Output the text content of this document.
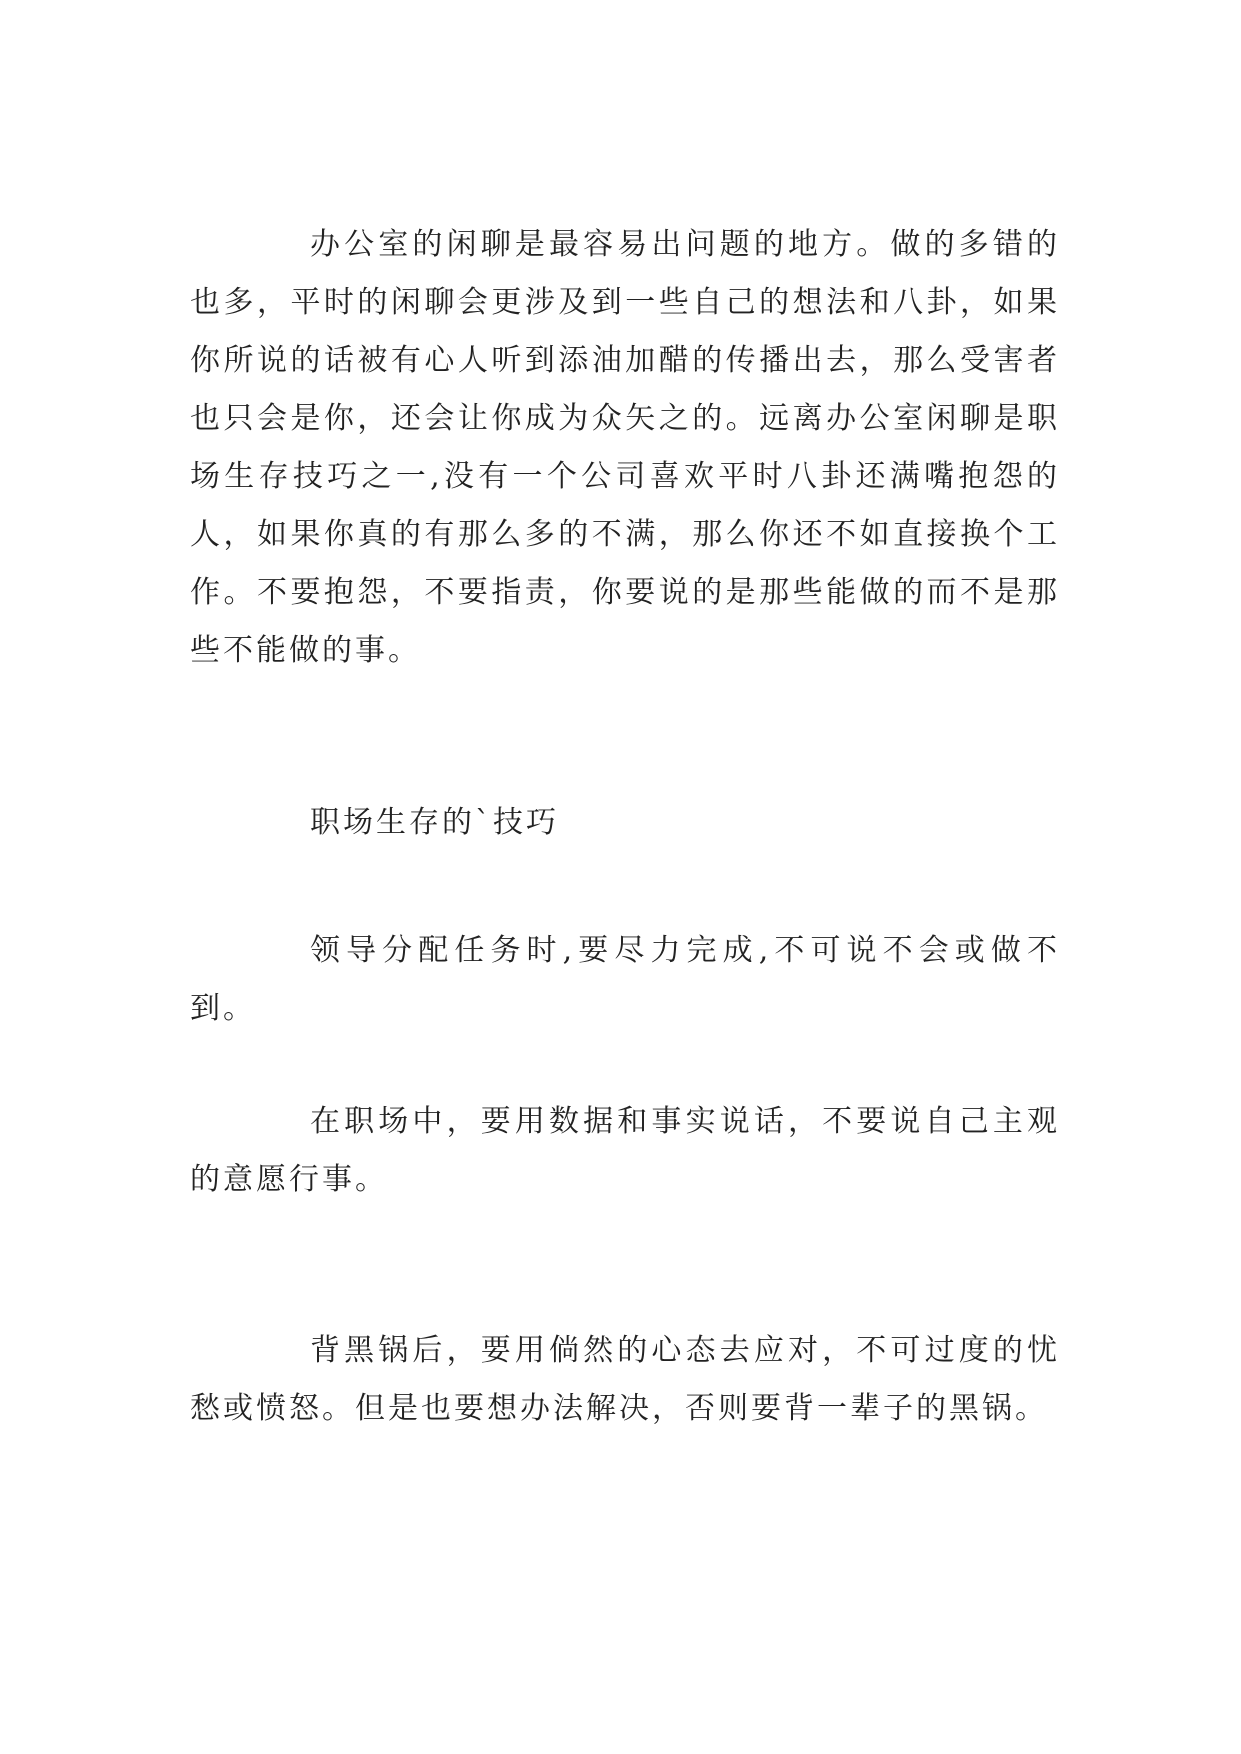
办公室的闲聊是最容易出问题的地方。做的多错的也多，平时的闲聊会更涉及到一些自己的想法和八卦，如果你所说的话被有心人听到添油加醋的传播出去，那么受害者也只会是你，还会让你成为众矢之的。远离办公室闲聊是职场生存技巧之一,没有一个公司喜欢平时八卦还满嘴抱怨的人，如果你真的有那么多的不满，那么你还不如直接换个工作。不要抱怨，不要指责，你要说的是那些能做的而不是那些不能做的事。

职场生存的`技巧

领导分配任务时,要尽力完成,不可说不会或做不到。

在职场中，要用数据和事实说话，不要说自己主观的意愿行事。

背黑锅后，要用倘然的心态去应对，不可过度的忧愁或愤怒。但是也要想办法解决，否则要背一辈子的黑锅。
